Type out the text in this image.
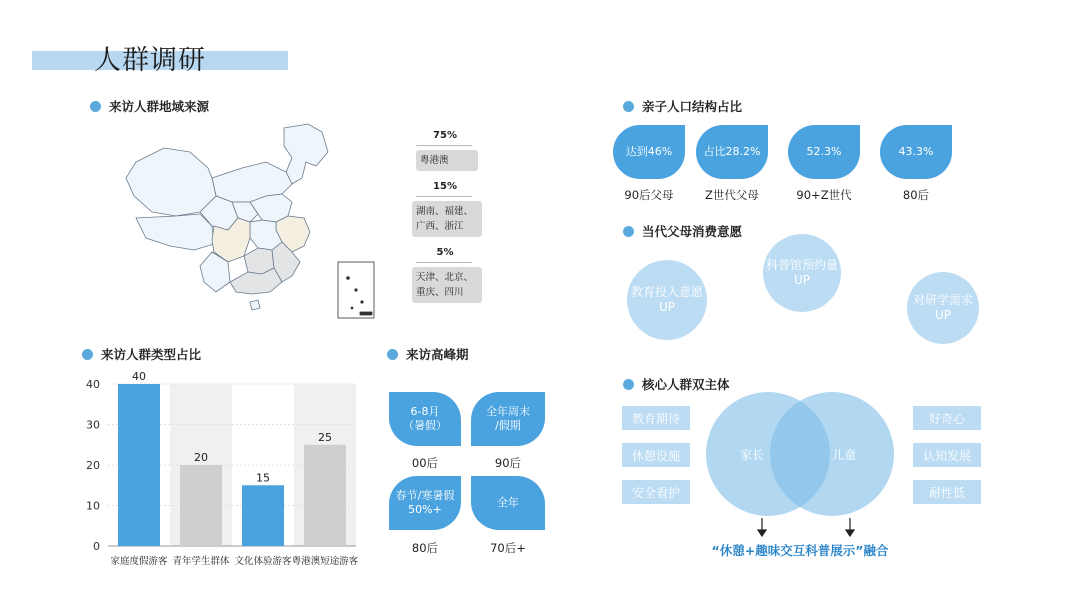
人群调研
来访人群地域来源
75%
粤港澳
15%
湖南、福建、
广西、浙江
5%
天津、北京、
重庆、四川
来访人群类型占比
0
10
20
30
40
40
家庭度假游客
20
青年学生群体
15
文化体验游客
25
粤港澳短途游客
来访高峰期
6-8月
（暑假）
00后
全年周末
/假期
90后
春节/寒暑假
50%+
80后
全年
70后+
亲子人口结构占比
达到46%
90后父母
占比28.2%
Z世代父母
52.3%
90+Z世代
43.3%
80后
当代父母消费意愿
教育投入意愿
UP
科普馆预约量
UP
对研学需求
UP
核心人群双主体
教育期待
休憩设施
安全看护
家长	儿童
好奇心
认知发展
耐性低
“休憩+趣味交互科普展示”融合
